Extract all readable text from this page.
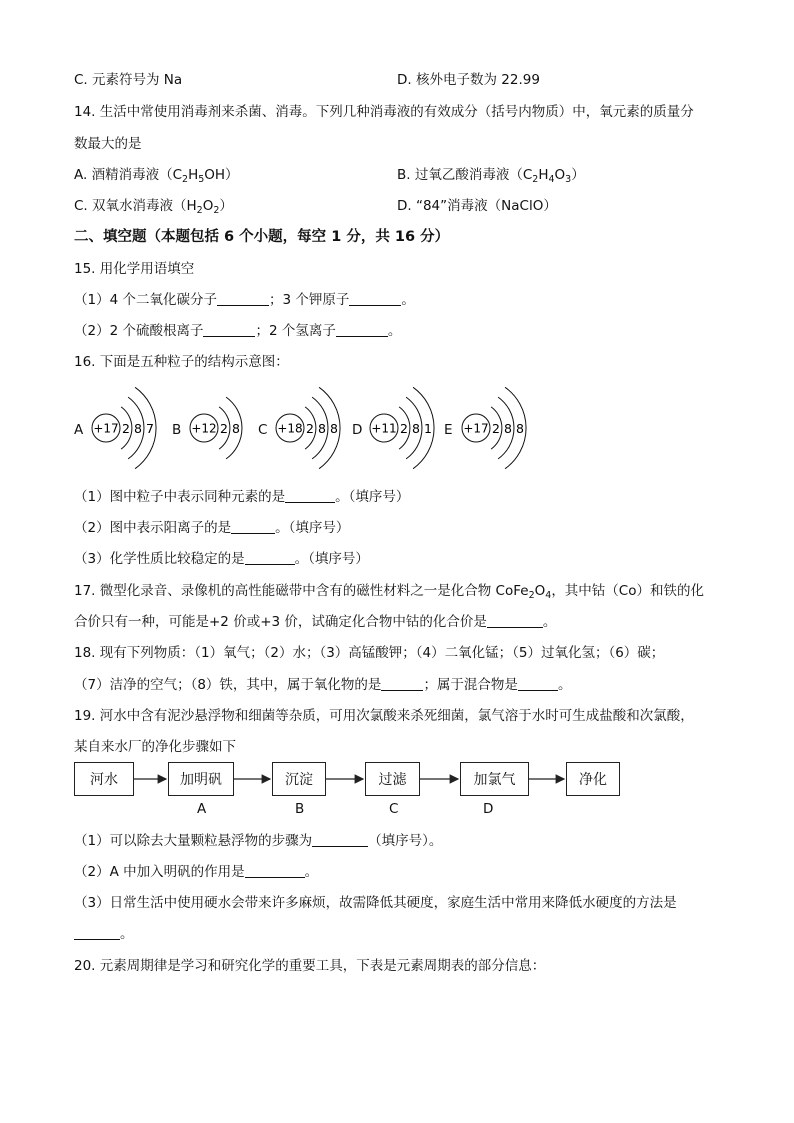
C. 元素符号为 Na	D. 核外电子数为 22.99
14. 生活中常使用消毒剂来杀菌、消毒。下列几种消毒液的有效成分（括号内物质）中，氧元素的质量分
数最大的是
A. 酒精消毒液$(C_2H_5OH)$	B. 过氧乙酸消毒液$(C_2H_4O_3)$
C. 双氧水消毒液$(H_2O_2)$	D. “84”消毒液（NaClO）
二、填空题（本题包括 6 个小题，每空 1 分，共 16 分）
15. 用化学用语填空
（1）4 个二氧化碳分子	；3 个钾原子	。
（2）2 个硫酸根离子	；2 个氢离子	。
16. 下面是五种粒子的结构示意图：
A +17 2 8 7 B +12 2 8 C +18 2 8 8 D +11 2 8 1 E +17 2 8 8
（1）图中粒子中表示同种元素的是	。（填序号）
（2）图中表示阳离子的是	。（填序号）
（3）化学性质比较稳定的是	。（填序号）
17. 微型化录音、录像机的高性能磁带中含有的磁性材料之一是化合物 $CoFe_2O_4$，其中钴（Co）和铁的化
合价只有一种，可能是+2 价或+3 价，试确定化合物中钴的化合价是	。
18. 现有下列物质：（1）氧气；（2）水；（3）高锰酸钾；（4）二氧化锰；（5）过氧化氢；（6）碳；
（7）洁净的空气；（8）铁，其中，属于氧化物的是	；属于混合物是	。
19. 河水中含有泥沙悬浮物和细菌等杂质，可用次氯酸来杀死细菌，氯气溶于水时可生成盐酸和次氯酸，
某自来水厂的净化步骤如下
河水	加明矾	沉淀	过滤	加氯气	净化
A	B	C	D
（1）可以除去大量颗粒悬浮物的步骤为	（填序号）。
（2）A 中加入明矾的作用是	。
（3）日常生活中使用硬水会带来许多麻烦，故需降低其硬度，家庭生活中常用来降低水硬度的方法是
。
20. 元素周期律是学习和研究化学的重要工具，下表是元素周期表的部分信息：
